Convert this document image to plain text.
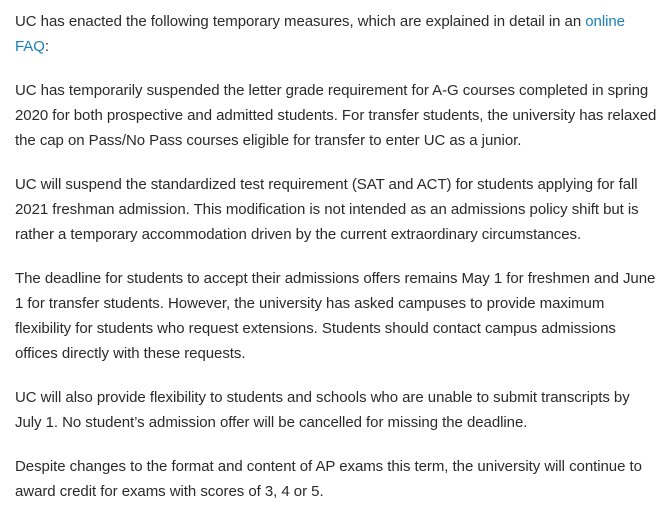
UC has enacted the following temporary measures, which are explained in detail in an online FAQ:

UC has temporarily suspended the letter grade requirement for A-G courses completed in spring 2020 for both prospective and admitted students. For transfer students, the university has relaxed the cap on Pass/No Pass courses eligible for transfer to enter UC as a junior.

UC will suspend the standardized test requirement (SAT and ACT) for students applying for fall 2021 freshman admission. This modification is not intended as an admissions policy shift but is rather a temporary accommodation driven by the current extraordinary circumstances.

The deadline for students to accept their admissions offers remains May 1 for freshmen and June 1 for transfer students. However, the university has asked campuses to provide maximum flexibility for students who request extensions. Students should contact campus admissions offices directly with these requests.

UC will also provide flexibility to students and schools who are unable to submit transcripts by July 1. No student’s admission offer will be cancelled for missing the deadline.

Despite changes to the format and content of AP exams this term, the university will continue to award credit for exams with scores of 3, 4 or 5.
